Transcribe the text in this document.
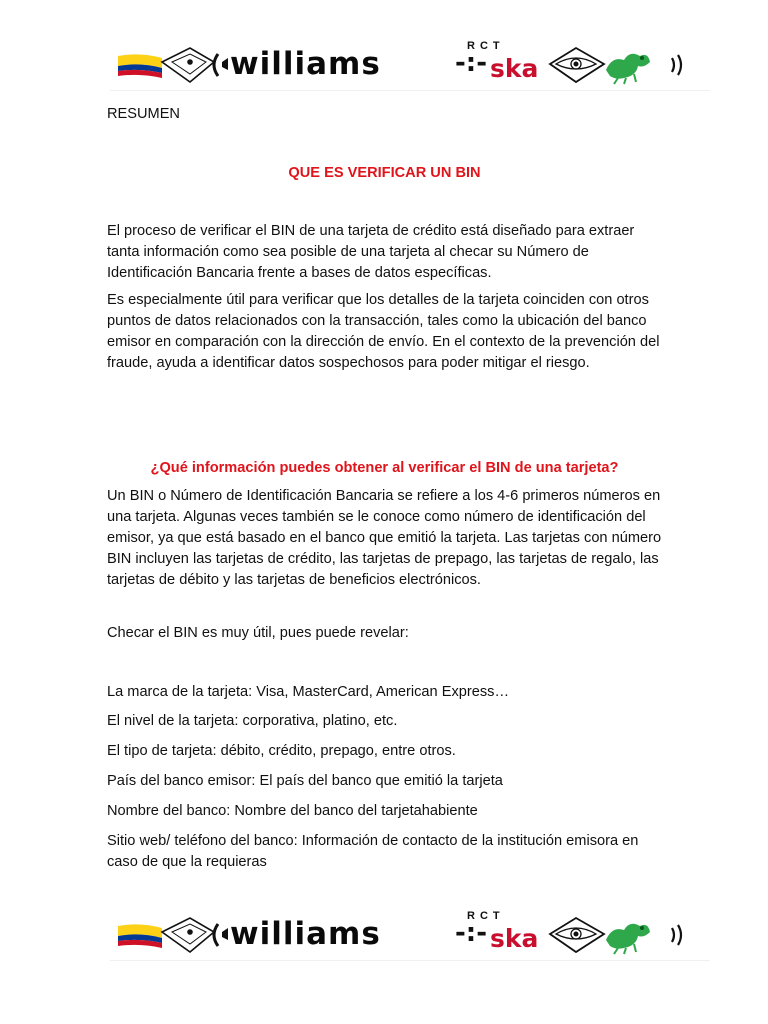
williams	-:-
RCT
ska

RESUMEN

QUE ES VERIFICAR UN BIN

El proceso de verificar el BIN de una tarjeta de crédito está diseñado para extraer tanta información como sea posible de una tarjeta al checar su Número de Identificación Bancaria frente a bases de datos específicas.

Es especialmente útil para verificar que los detalles de la tarjeta coinciden con otros puntos de datos relacionados con la transacción, tales como la ubicación del banco emisor en comparación con la dirección de envío. En el contexto de la prevención del fraude, ayuda a identificar datos sospechosos para poder mitigar el riesgo.

¿Qué información puedes obtener al verificar el BIN de una tarjeta?

Un BIN o Número de Identificación Bancaria se refiere a los 4-6 primeros números en una tarjeta. Algunas veces también se le conoce como número de identificación del emisor, ya que está basado en el banco que emitió la tarjeta. Las tarjetas con número BIN incluyen las tarjetas de crédito, las tarjetas de prepago, las tarjetas de regalo, las tarjetas de débito y las tarjetas de beneficios electrónicos.

Checar el BIN es muy útil, pues puede revelar:

La marca de la tarjeta: Visa, MasterCard, American Express…

El nivel de la tarjeta: corporativa, platino, etc.

El tipo de tarjeta: débito, crédito, prepago, entre otros.

País del banco emisor: El país del banco que emitió la tarjeta

Nombre del banco: Nombre del banco del tarjetahabiente

Sitio web/ teléfono del banco: Información de contacto de la institución emisora en caso de que la requieras

williams	-:-
RCT
ska
